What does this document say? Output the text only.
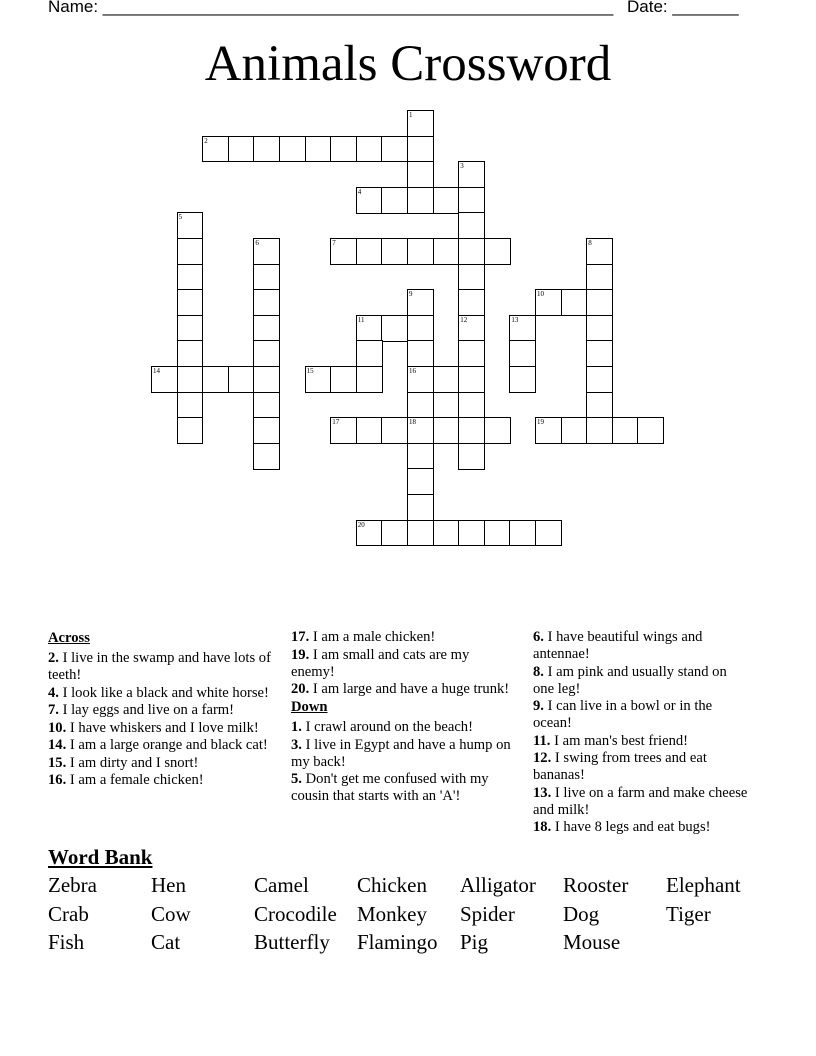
Name: ______________________________________________________ Date: _______
Animals Crossword
2
4
7
10
11
14	15	16
17	18	19
20
1
3
5
6	8
9
12	13
Across
2. I live in the swamp and have lots of teeth!
4. I look like a black and white horse!
7. I lay eggs and live on a farm!
10. I have whiskers and I love milk!
14. I am a large orange and black cat!
15. I am dirty and I snort!
16. I am a female chicken!
17. I am a male chicken!
19. I am small and cats are my enemy!
20. I am large and have a huge trunk!
Down
1. I crawl around on the beach!
3. I live in Egypt and have a hump on my back!
5. Don't get me confused with my cousin that starts with an 'A'!
6. I have beautiful wings and antennae!
8. I am pink and usually stand on one leg!
9. I can live in a bowl or in the ocean!
11. I am man's best friend!
12. I swing from trees and eat bananas!
13. I live on a farm and make cheese and milk!
18. I have 8 legs and eat bugs!
Word Bank
Zebra	Hen	Camel Chicken Alligator Rooster Elephant
Crab	Cow	Crocodile Monkey Spider Dog	Tiger
Fish	Cat	Butterfly Flamingo Pig	Mouse
